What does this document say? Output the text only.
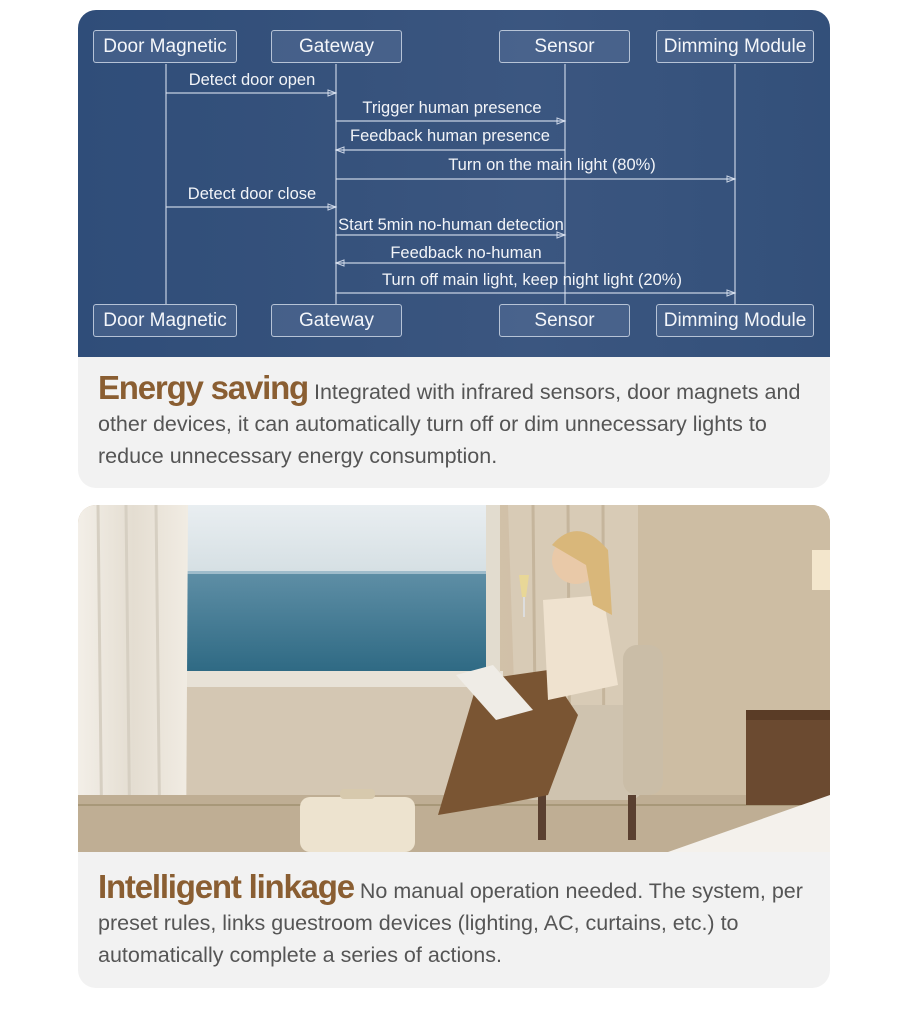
Door Magnetic	Gateway	Sensor	Dimming Module
Detect door open
Trigger human presence
Feedback human presence
Turn on the main light (80%)
Detect door close
Start 5min no-human detection
Feedback no-human
Turn off main light, keep night light (20%)
Door Magnetic	Gateway	Sensor	Dimming Module

Energy saving Integrated with infrared sensors, door magnets and other devices, it can automatically turn off or dim unnecessary lights to reduce unnecessary energy consumption.

Intelligent linkage No manual operation needed. The system, per preset rules, links guestroom devices (lighting, AC, curtains, etc.) to automatically complete a series of actions.
